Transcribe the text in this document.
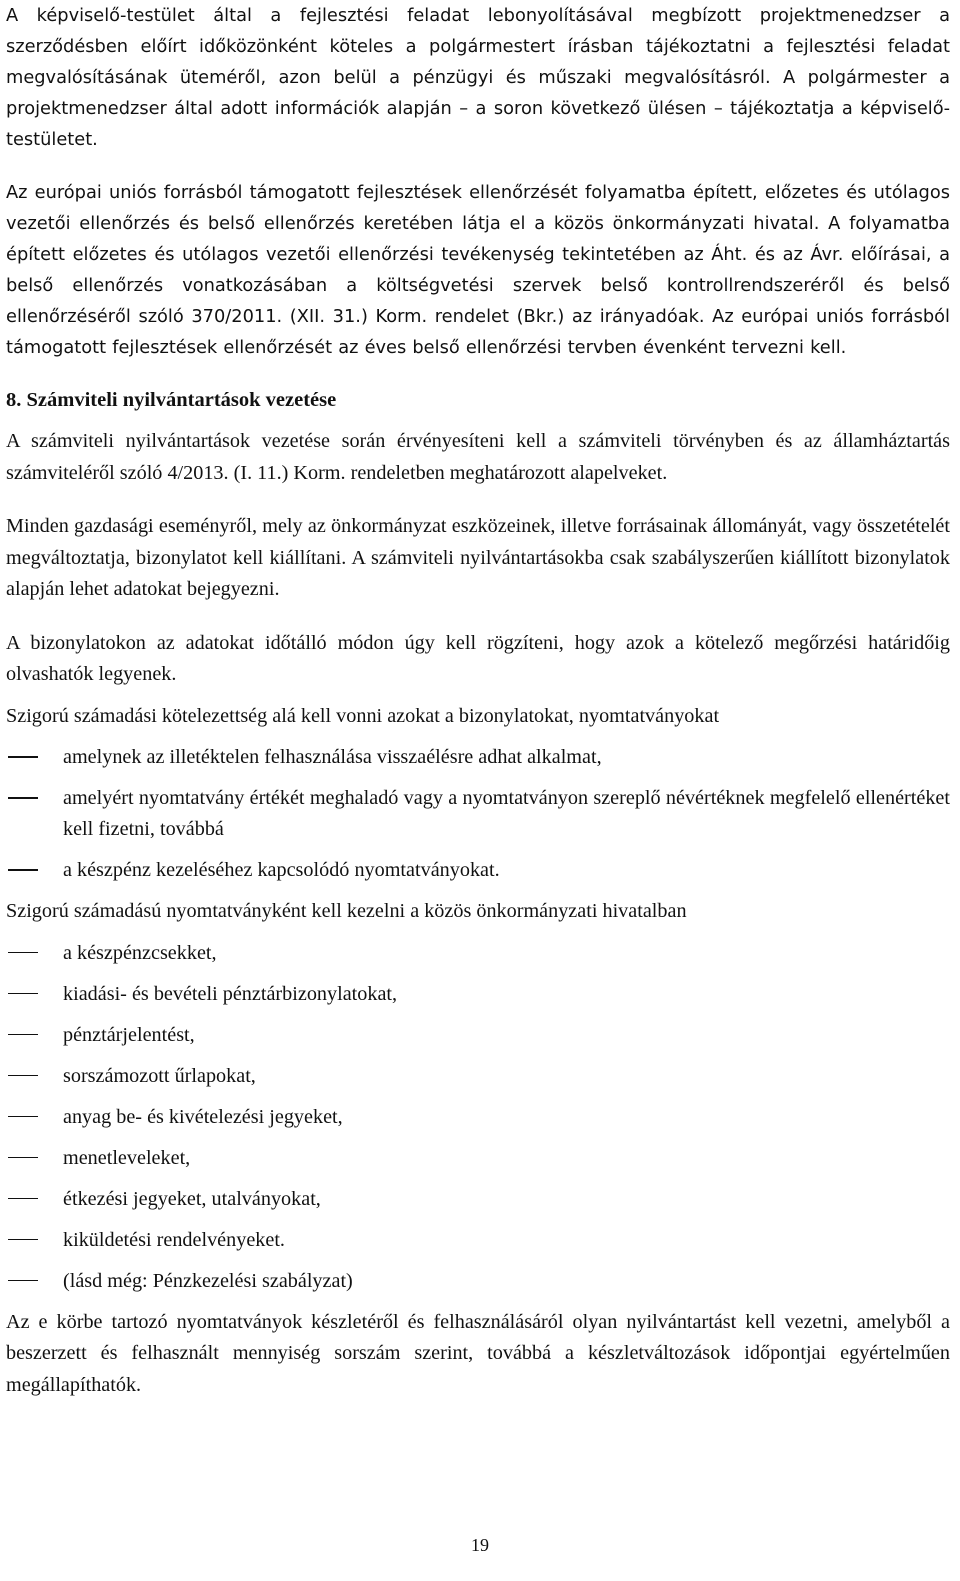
A képviselő-testület által a fejlesztési feladat lebonyolításával megbízott projektmenedzser a szerződésben előírt időközönként köteles a polgármestert írásban tájékoztatni a fejlesztési feladat megvalósításának üteméről, azon belül a pénzügyi és műszaki megvalósításról. A polgármester a projektmenedzser által adott információk alapján – a soron következő ülésen – tájékoztatja a képviselő-testületet.

Az európai uniós forrásból támogatott fejlesztések ellenőrzését folyamatba épített, előzetes és utólagos vezetői ellenőrzés és belső ellenőrzés keretében látja el a közös önkormányzati hivatal. A folyamatba épített előzetes és utólagos vezetői ellenőrzési tevékenység tekintetében az Áht. és az Ávr. előírásai, a belső ellenőrzés vonatkozásában a költségvetési szervek belső kontrollrendszeréről és belső ellenőrzéséről szóló 370/2011. (XII. 31.) Korm. rendelet (Bkr.) az irányadóak. Az európai uniós forrásból támogatott fejlesztések ellenőrzését az éves belső ellenőrzési tervben évenként tervezni kell.

8. Számviteli nyilvántartások vezetése

A számviteli nyilvántartások vezetése során érvényesíteni kell a számviteli törvényben és az államháztartás számviteléről szóló 4/2013. (I. 11.) Korm. rendeletben meghatározott alapelveket.

Minden gazdasági eseményről, mely az önkormányzat eszközeinek, illetve forrásainak állományát, vagy összetételét megváltoztatja, bizonylatot kell kiállítani. A számviteli nyilvántartásokba csak szabályszerűen kiállított bizonylatok alapján lehet adatokat bejegyezni.

A bizonylatokon az adatokat időtálló módon úgy kell rögzíteni, hogy azok a kötelező megőrzési határidőig olvashatók legyenek.

Szigorú számadási kötelezettség alá kell vonni azokat a bizonylatokat, nyomtatványokat

amelynek az illetéktelen felhasználása visszaélésre adhat alkalmat,
amelyért nyomtatvány értékét meghaladó vagy a nyomtatványon szereplő névértéknek megfelelő ellenértéket kell fizetni, továbbá
a készpénz kezeléséhez kapcsolódó nyomtatványokat.

Szigorú számadású nyomtatványként kell kezelni a közös önkormányzati hivatalban

a készpénzcsekket,
kiadási- és bevételi pénztárbizonylatokat,
pénztárjelentést,
sorszámozott űrlapokat,
anyag be- és kivételezési jegyeket,
menetleveleket,
étkezési jegyeket, utalványokat,
kiküldetési rendelvényeket.
(lásd még: Pénzkezelési szabályzat)

Az e körbe tartozó nyomtatványok készletéről és felhasználásáról olyan nyilvántartást kell vezetni, amelyből a beszerzett és felhasznált mennyiség sorszám szerint, továbbá a készletváltozások időpontjai egyértelműen megállapíthatók.

19
